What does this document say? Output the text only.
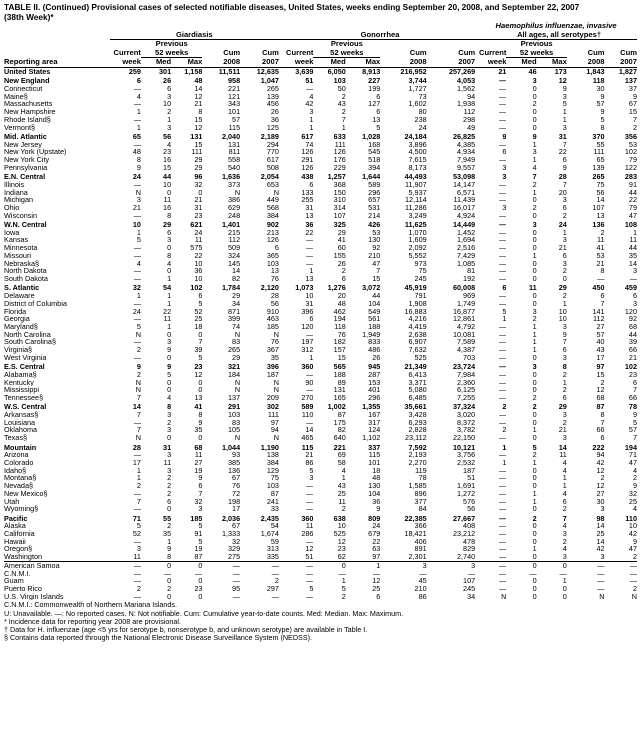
TABLE II. (Continued) Provisional cases of selected notifiable diseases, United States, weeks ending September 20, 2008, and September 22, 2007
(38th Week)*
											Haemophilus influenzae, invasive				
	Giardiasis					Gonorrhea					All ages, all serotypes†				
		Previous					Previous					Previous			
	Current	52 weeks		Cum	Cum	Current	52 weeks		Cum	Cum	Current	52 weeks		Cum	Cum
Reporting area	week	Med	Max	2008	2007	week	Med	Max	2008	2007	week	Med	Max	2008	2007
United States	259	301	1,158	11,511	12,635	3,639	6,050	8,913	216,952	257,269	21	46	173	1,843	1,827
New England	6	26	48	958	1,047	51	103	227	3,744	4,053	—	3	12	118	137
Connecticut	—	6	14	221	265	—	50	199	1,727	1,562	—	0	9	30	37
Maine§	4	3	12	121	139	4	2	6	73	94	—	0	3	9	9
Massachusetts	—	10	21	343	456	42	43	127	1,602	1,938	—	2	5	57	67
New Hampshire	1	2	8	101	26	3	2	6	80	112	—	0	1	9	15
Rhode Island§	—	1	15	57	36	1	7	13	238	298	—	0	1	5	7
Vermont§	1	3	12	115	125	1	1	5	24	49	—	0	3	8	2
Mid. Atlantic	65	56	131	2,040	2,189	617	633	1,028	24,184	26,825	9	9	31	370	356
New Jersey	—	4	15	131	294	74	111	168	3,896	4,385	—	1	7	55	53
New York (Upstate)	48	23	111	811	770	126	126	545	4,500	4,934	6	3	22	111	102
New York City	8	16	29	558	617	291	176	518	7,615	7,949	—	1	6	65	79
Pennsylvania	9	15	29	540	508	126	229	394	8,173	9,557	3	4	9	139	122
E.N. Central	24	44	96	1,636	2,054	438	1,257	1,644	44,493	53,098	3	7	28	265	283
Illinois	—	10	32	373	653	6	368	589	11,907	14,147	—	2	7	75	91
Indiana	N	0	0	N	N	133	150	296	5,937	6,571	—	1	20	56	44
Michigan	3	11	21	386	449	255	310	657	12,114	11,439	—	0	3	14	22
Ohio	21	16	31	629	568	31	314	531	11,286	16,017	3	2	6	107	79
Wisconsin	—	8	23	248	384	13	107	214	3,249	4,924	—	0	2	13	47
W.N. Central	10	29	621	1,401	902	36	325	426	11,625	14,449	—	3	24	136	108
Iowa	1	6	24	215	213	22	29	53	1,070	1,452	—	0	1	2	1
Kansas	5	3	11	112	126	—	41	130	1,609	1,694	—	0	3	11	11
Minnesota	—	0	575	509	6	—	60	92	2,092	2,516	—	0	21	41	44
Missouri	—	8	22	324	365	—	155	210	5,552	7,429	—	1	6	53	35
Nebraska§	4	4	10	145	103	—	26	47	973	1,085	—	0	3	21	14
North Dakota	—	0	36	14	13	1	2	7	75	81	—	0	2	8	3
South Dakota	—	1	10	82	76	13	6	15	245	192	—	0	0	—	—
S. Atlantic	32	54	102	1,784	2,120	1,073	1,276	3,072	45,919	60,008	6	11	29	450	459
Delaware	1	1	6	29	28	10	20	44	791	969	—	0	2	6	6
District of Columbia	—	1	5	34	56	31	48	104	1,908	1,749	—	0	1	7	3
Florida	24	22	52	871	910	396	462	549	16,883	16,877	5	3	10	141	120
Georgia	—	11	25	399	463	6	194	561	4,216	12,861	1	2	10	112	92
Maryland§	5	1	18	74	185	120	118	188	4,419	4,792	—	1	3	27	68
North Carolina	N	0	0	N	N	—	76	1,949	2,638	10,081	—	1	9	57	44
South Carolina§	—	3	7	83	76	197	182	833	6,907	7,589	—	1	7	40	39
Virginia§	2	9	39	265	367	312	157	486	7,632	4,387	—	1	6	43	66
West Virginia	—	0	5	29	35	1	15	26	525	703	—	0	3	17	21
E.S. Central	9	9	23	321	396	360	565	945	21,349	23,724	—	3	8	97	102
Alabama§	2	5	12	184	187	—	188	287	6,413	7,984	—	0	2	15	23
Kentucky	N	0	0	N	N	90	89	153	3,371	2,360	—	0	1	2	6
Mississippi	N	0	0	N	N	—	131	401	5,080	6,125	—	0	2	12	7
Tennessee§	7	4	13	137	209	270	165	296	6,485	7,255	—	2	6	68	66
W.S. Central	14	8	41	291	302	589	1,002	1,355	35,661	37,324	2	2	29	87	78
Arkansas§	7	3	8	103	111	110	87	167	3,428	3,020	—	0	3	8	9
Louisiana	—	2	9	83	97	—	175	317	6,293	8,372	—	0	2	7	5
Oklahoma	7	3	35	105	94	14	82	124	2,828	3,782	2	1	21	66	57
Texas§	N	0	0	N	N	465	640	1,102	23,112	22,150	—	0	3	6	7
Mountain	28	31	68	1,044	1,190	115	221	337	7,592	10,121	1	5	14	222	194
Arizona	—	3	11	93	138	21	69	115	2,193	3,756	—	2	11	94	71
Colorado	17	11	27	385	384	86	58	101	2,270	2,532	1	1	4	42	47
Idaho§	1	3	19	136	129	5	4	18	119	187	—	0	4	12	4
Montana§	1	2	9	67	75	3	1	48	78	51	—	0	1	2	2
Nevada§	2	2	6	76	103	—	43	130	1,585	1,691	—	0	1	12	9
New Mexico§	—	2	7	72	87	—	25	104	896	1,272	—	1	4	27	32
Utah	7	6	32	198	241	—	11	36	377	576	—	1	6	30	25
Wyoming§	—	0	3	17	33	—	2	9	84	56	—	0	2	3	4
Pacific	71	55	185	2,036	2,435	360	638	809	22,385	27,667	—	2	7	98	110
Alaska	5	2	5	67	54	11	10	24	366	408	—	0	4	14	10
California	52	35	91	1,333	1,674	286	525	679	18,421	23,212	—	0	3	25	42
Hawaii	—	1	5	32	59	—	12	22	406	478	—	0	2	14	9
Oregon§	3	9	19	329	313	12	23	63	891	829	—	1	4	42	47
Washington	11	8	87	275	335	51	62	97	2,301	2,740	—	0	3	3	2

American Samoa	—	0	0	—	—	—	0	1	3	3	—	0	0	—	—
C.N.M.I.	—	—	—	—	—	—	—	—	—	—	—	—	—	—	—
Guam	—	0	0	—	2	—	1	12	45	107	—	0	1	—	—
Puerto Rico	2	2	23	95	297	5	5	25	210	245	—	0	0	—	2
U.S. Virgin Islands	—	0	0	—	—	—	2	6	86	34	N	0	0	N	N
C.N.M.I.: Commonwealth of Northern Mariana Islands.
U: Unavailable. —: No reported cases. N: Not notifiable. Cum: Cumulative year-to-date counts. Med: Median. Max: Maximum.
* Incidence data for reporting year 2008 are provisional.
† Data for H. influenzae (age <5 yrs for serotype b, nonserotype b, and unknown serotype) are available in Table I.
§ Contains data reported through the National Electronic Disease Surveillance System (NEDSS).
